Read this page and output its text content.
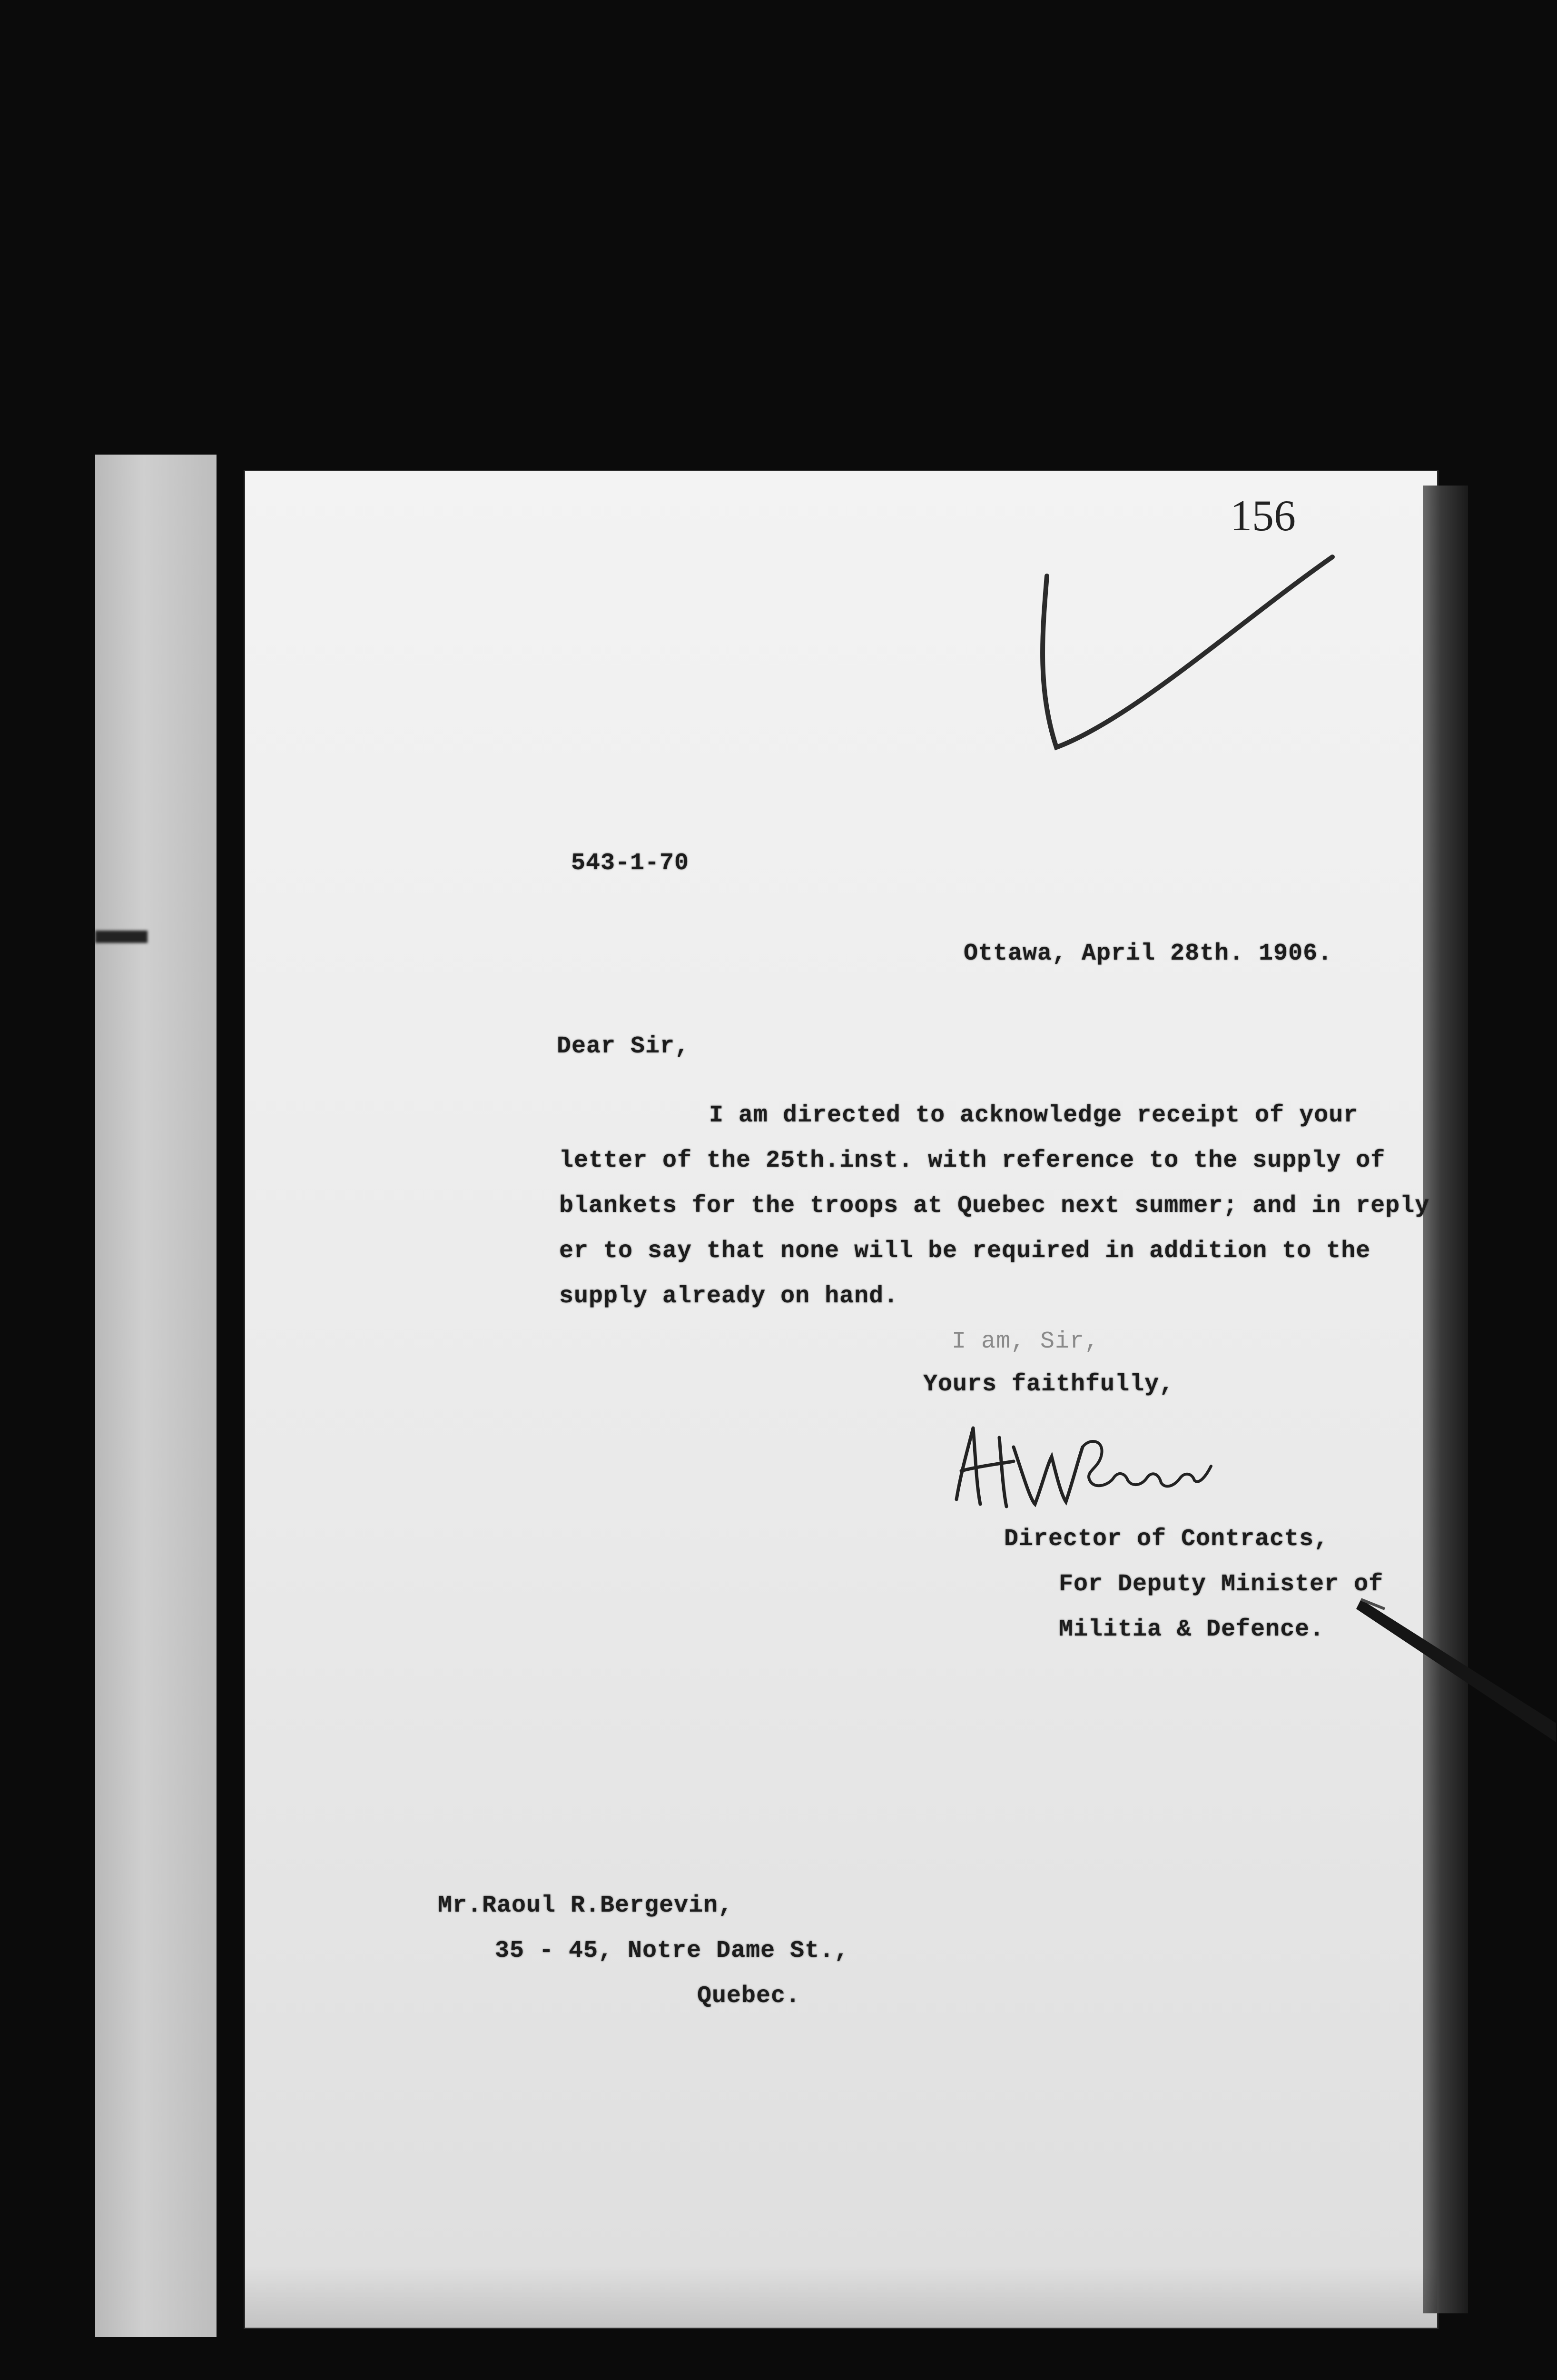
156
543-1-70
Ottawa, April 28th. 1906.
Dear Sir,
I am directed to acknowledge receipt of your
letter of the 25th.inst. with reference to the supply of
blankets for the troops at Quebec next summer; and in reply
er to say that none will be required in addition to the
supply already on hand.
I am, Sir,
Yours faithfully,
Director of Contracts,
For Deputy Minister of
Militia & Defence.
Mr.Raoul R.Bergevin,
35 - 45, Notre Dame St.,
Quebec.
